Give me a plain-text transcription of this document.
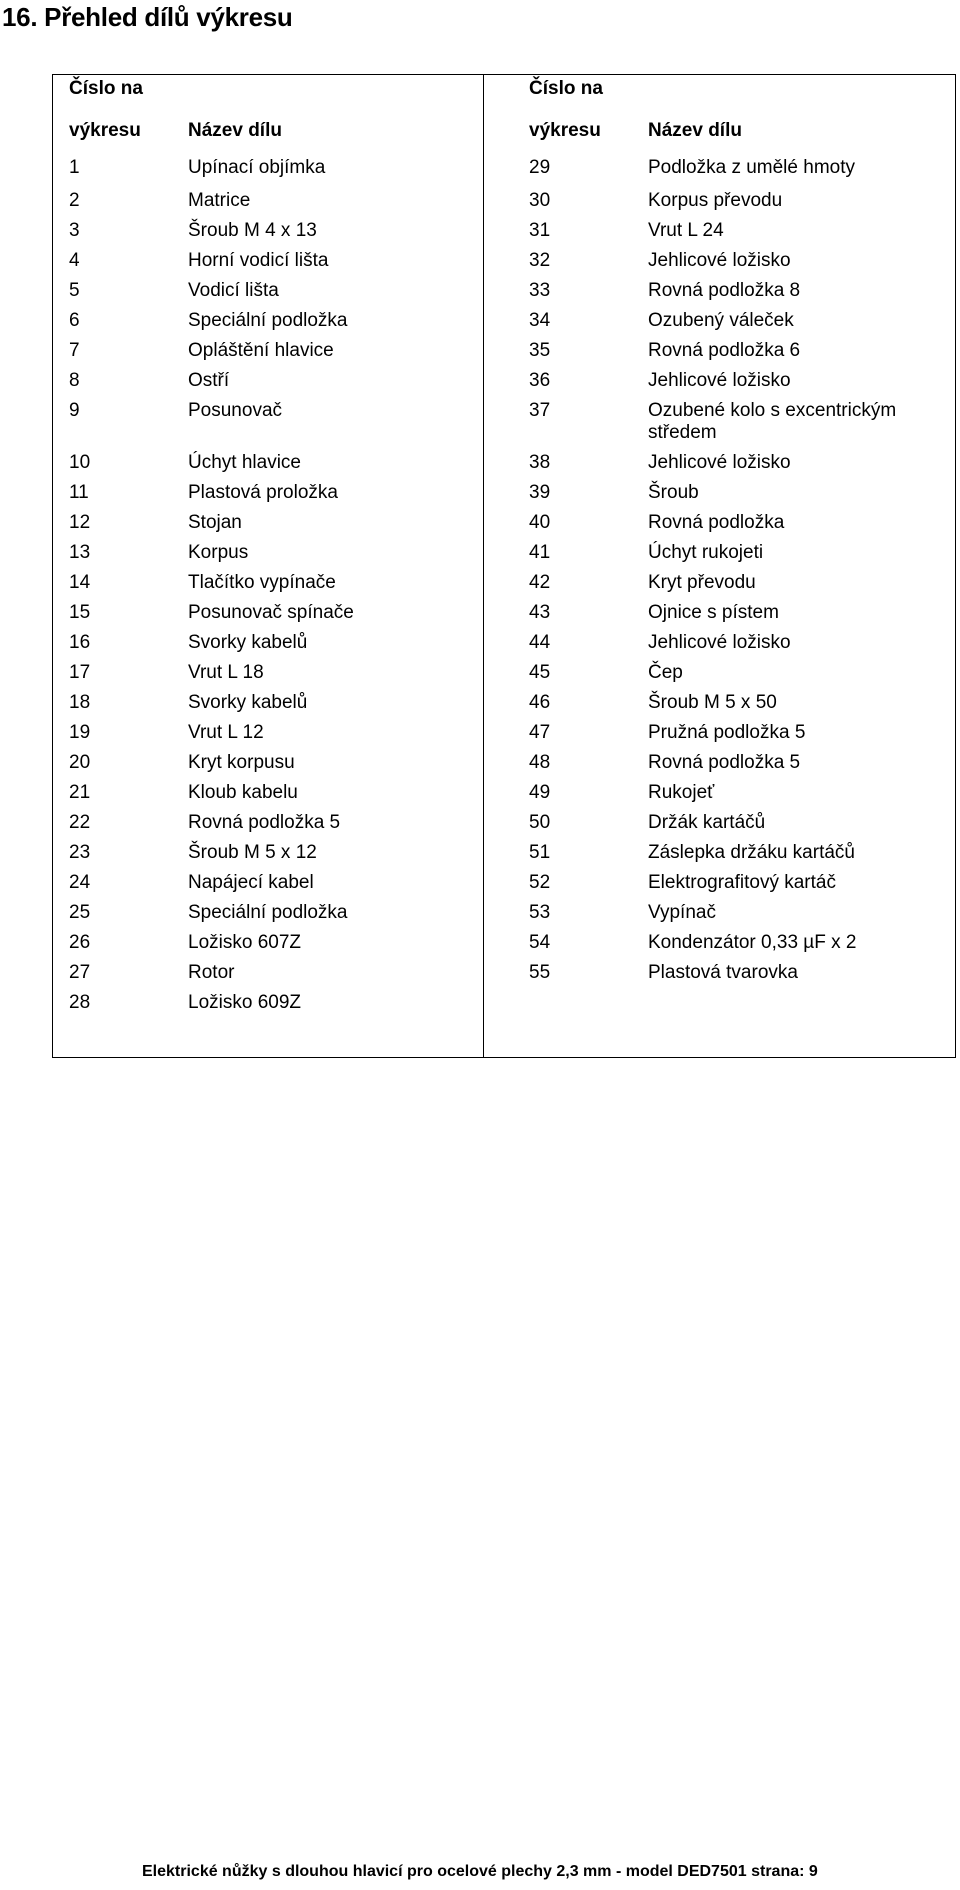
16. Přehled dílů výkresu
Číslo na
výkresu Název dílu
1	Upínací objímka
2	Matrice
3	Šroub M 4 x 13
4	Horní vodicí lišta
5	Vodicí lišta
6	Speciální podložka
7	Opláštění hlavice
8	Ostří
9	Posunovač
10	Úchyt hlavice
11	Plastová proložka
12	Stojan
13	Korpus
14	Tlačítko vypínače
15	Posunovač spínače
16	Svorky kabelů
17	Vrut L 18
18	Svorky kabelů
19	Vrut L 12
20	Kryt korpusu
21	Kloub kabelu
22	Rovná podložka 5
23	Šroub M 5 x 12
24	Napájecí kabel
25	Speciální podložka
26	Ložisko 607Z
27	Rotor
28	Ložisko 609Z
Číslo na
výkresu Název dílu
29	Podložka z umělé hmoty
30	Korpus převodu
31	Vrut L 24
32	Jehlicové ložisko
33	Rovná podložka 8
34	Ozubený váleček
35	Rovná podložka 6
36	Jehlicové ložisko
37	Ozubené kolo s excentrickým středem
38	Jehlicové ložisko
39	Šroub
40	Rovná podložka
41	Úchyt rukojeti
42	Kryt převodu
43	Ojnice s pístem
44	Jehlicové ložisko
45	Čep
46	Šroub M 5 x 50
47	Pružná podložka 5
48	Rovná podložka 5
49	Rukojeť
50	Držák kartáčů
51	Záslepka držáku kartáčů
52	Elektrografitový kartáč
53	Vypínač
54	Kondenzátor 0,33 µF x 2
55	Plastová tvarovka
Elektrické nůžky s dlouhou hlavicí pro ocelové plechy 2,3 mm - model DED7501 strana: 9
